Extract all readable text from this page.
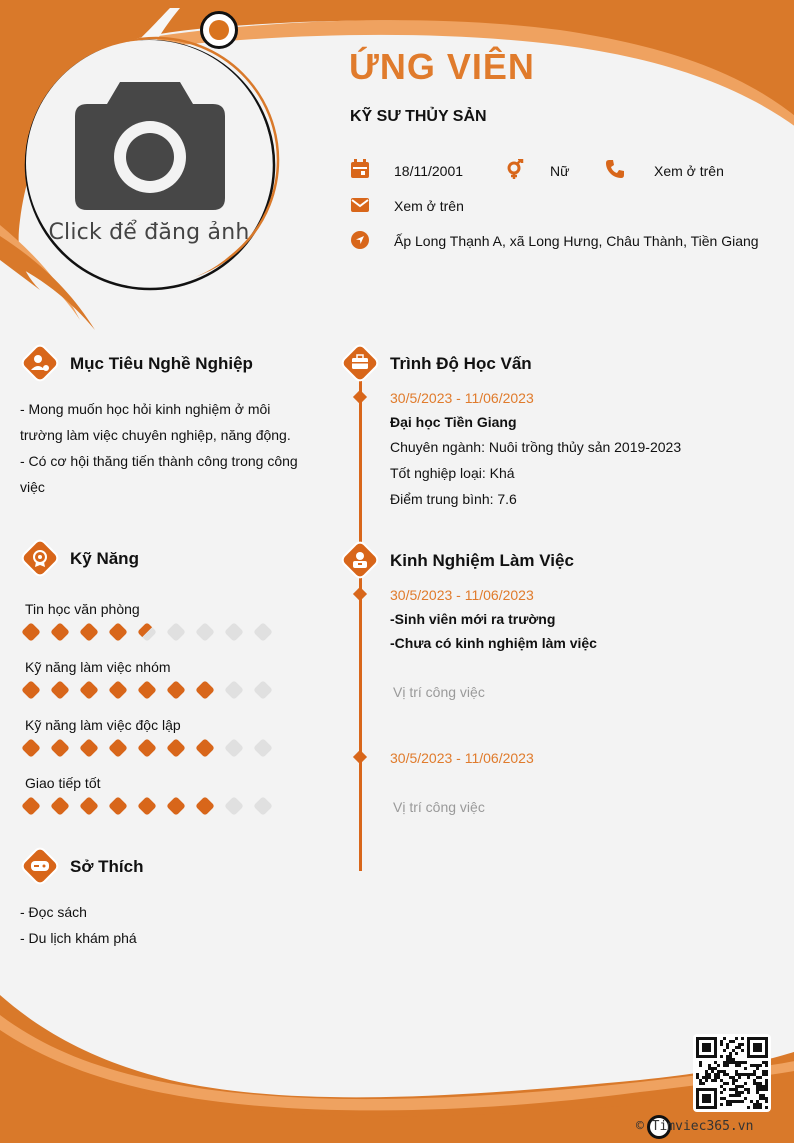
Click để đăng ảnh
ỨNG VIÊN
KỸ SƯ THỦY SẢN
18/11/2001	Nữ	Xem ở trên
Xem ở trên
Ấp Long Thạnh A, xã Long Hưng, Châu Thành, Tiền Giang
Mục Tiêu Nghề Nghiệp
- Mong muốn học hỏi kinh nghiệm ở môi
trường làm việc chuyên nghiệp, năng động.
- Có cơ hội thăng tiến thành công trong công
việc
Kỹ Năng
Tin học văn phòng
Kỹ năng làm việc nhóm
Kỹ năng làm việc độc lập
Giao tiếp tốt
Sở Thích
- Đọc sách
- Du lịch khám phá
Trình Độ Học Vấn
30/5/2023 - 11/06/2023
Đại học Tiền Giang
Chuyên ngành: Nuôi trồng thủy sản 2019-2023
Tốt nghiệp loại: Khá
Điểm trung bình: 7.6
Kinh Nghiệm Làm Việc
30/5/2023 - 11/06/2023
-Sinh viên mới ra trường
-Chưa có kinh nghiệm làm việc
Vị trí công việc
30/5/2023 - 11/06/2023
Vị trí công việc
© Timviec365.vn
